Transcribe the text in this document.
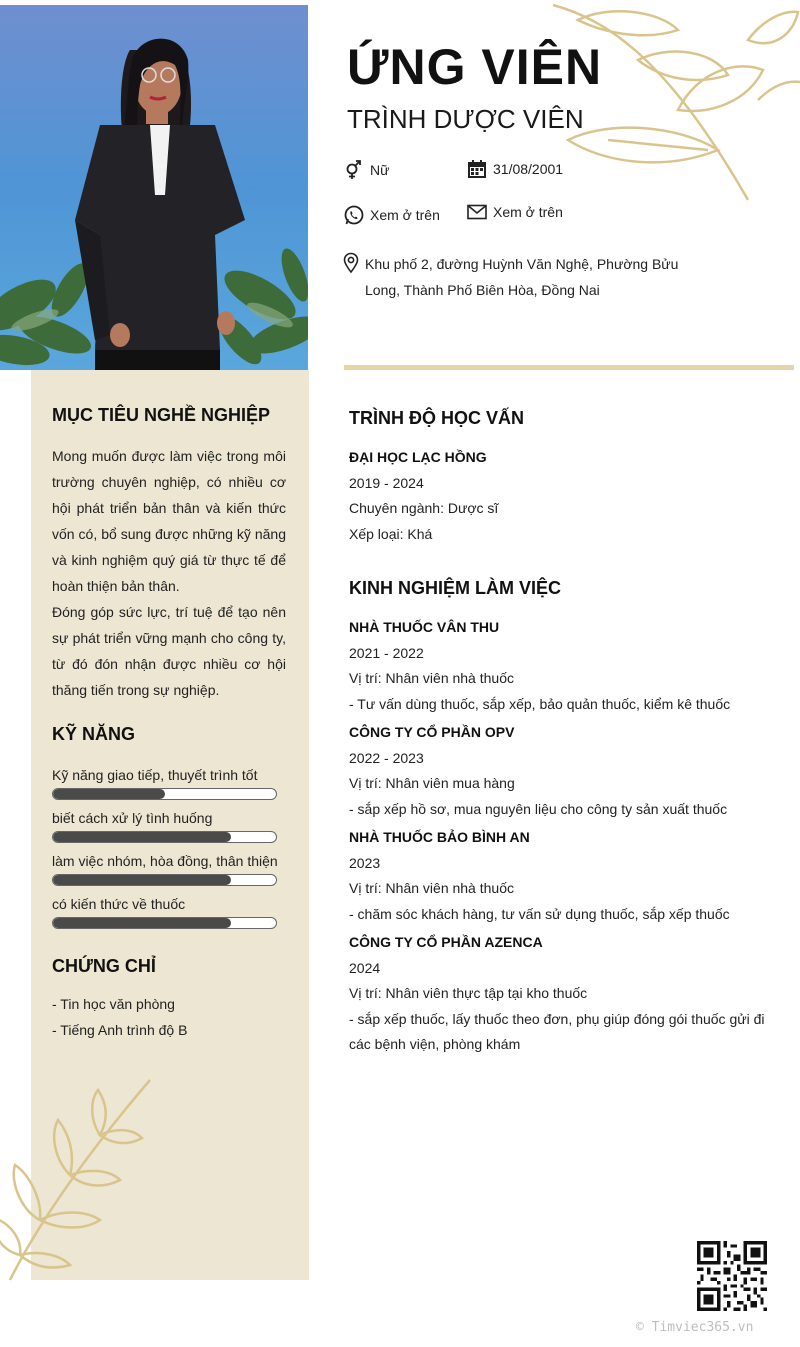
ỨNG VIÊN
TRÌNH DƯỢC VIÊN
Nữ	31/08/2001
Xem ở trên	Xem ở trên
Khu phố 2, đường Huỳnh Văn Nghệ, Phường Bửu Long, Thành Phố Biên Hòa, Đồng Nai
MỤC TIÊU NGHỀ NGHIỆP

Mong muốn được làm việc trong môi trường chuyên nghiệp, có nhiều cơ hội phát triển bản thân và kiến thức vốn có, bổ sung được những kỹ năng và kinh nghiệm quý giá từ thực tế để hoàn thiện bản thân.

Đóng góp sức lực, trí tuệ để tạo nên sự phát triển vững mạnh cho công ty, từ đó đón nhận được nhiều cơ hội thăng tiến trong sự nghiệp.

KỸ NĂNG
Kỹ năng giao tiếp, thuyết trình tốt
biết cách xử lý tình huống
làm việc nhóm, hòa đồng, thân thiện
có kiến thức về thuốc
CHỨNG CHỈ
- Tin học văn phòng
- Tiếng Anh trình độ B
TRÌNH ĐỘ HỌC VẤN
ĐẠI HỌC LẠC HỒNG
2019 - 2024
Chuyên ngành: Dược sĩ
Xếp loại: Khá
KINH NGHIỆM LÀM VIỆC
NHÀ THUỐC VÂN THU
2021 - 2022
Vị trí: Nhân viên nhà thuốc
- Tư vấn dùng thuốc, sắp xếp, bảo quản thuốc, kiểm kê thuốc
CÔNG TY CỔ PHẦN OPV
2022 - 2023
Vị trí: Nhân viên mua hàng
- sắp xếp hồ sơ, mua nguyên liệu cho công ty sản xuất thuốc
NHÀ THUỐC BẢO BÌNH AN
2023
Vị trí: Nhân viên nhà thuốc
- chăm sóc khách hàng, tư vấn sử dụng thuốc, sắp xếp thuốc
CÔNG TY CỔ PHẦN AZENCA
2024
Vị trí: Nhân viên thực tập tại kho thuốc
- sắp xếp thuốc, lấy thuốc theo đơn, phụ giúp đóng gói thuốc gửi đi các bệnh viện, phòng khám
© Timviec365.vn
